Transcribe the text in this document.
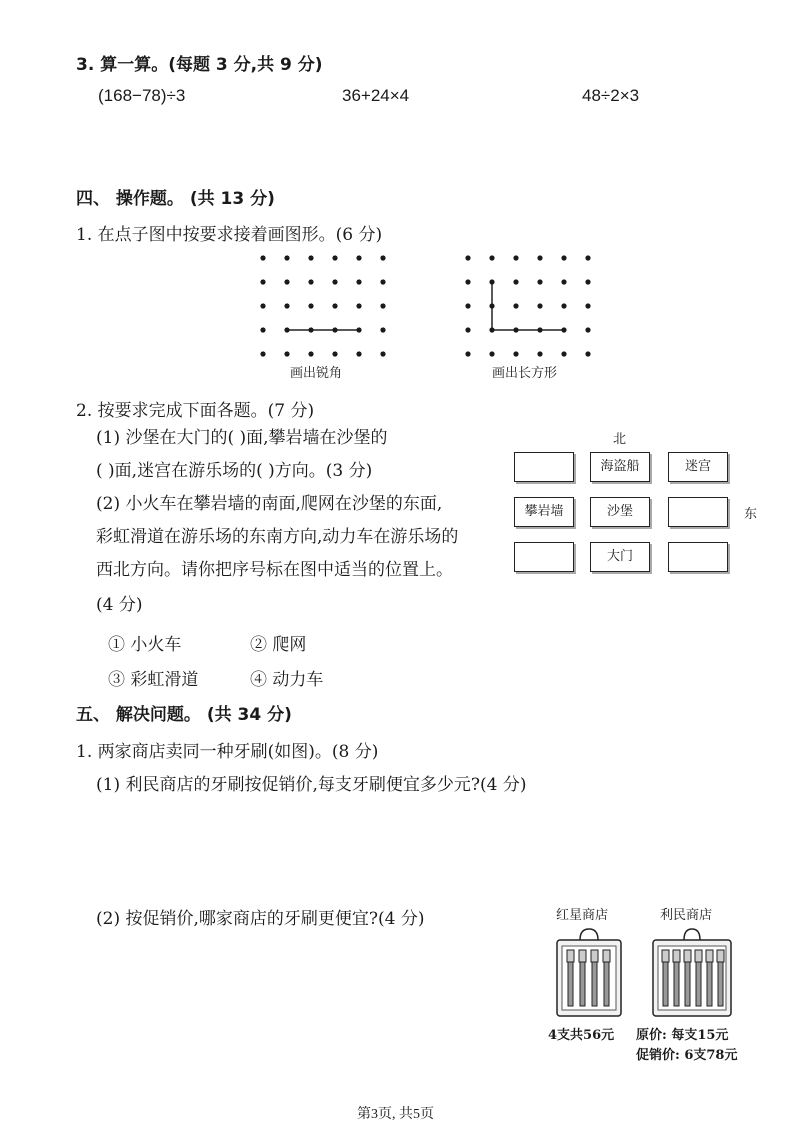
3. 算一算。(每题 3 分,共 9 分)
(168−78)÷3	36+24×4	48÷2×3
四、 操作题。 (共 13 分)
1. 在点子图中按要求接着画图形。(6 分)
画出锐角	画出长方形
2. 按要求完成下面各题。(7 分)
(1) 沙堡在大门的( )面,攀岩墙在沙堡的
( )面,迷宫在游乐场的( )方向。(3 分)
(2) 小火车在攀岩墙的南面,爬网在沙堡的东面,
彩虹滑道在游乐场的东南方向,动力车在游乐场的
西北方向。请你把序号标在图中适当的位置上。
(4 分)
① 小火车	② 爬网
③ 彩虹滑道	④ 动力车
北
东
海盗船	迷宫
攀岩墙	沙堡
大门
五、 解决问题。 (共 34 分)
1. 两家商店卖同一种牙刷(如图)。(8 分)
(1) 利民商店的牙刷按促销价,每支牙刷便宜多少元?(4 分)
(2) 按促销价,哪家商店的牙刷更便宜?(4 分)	红星商店	利民商店
4支共56元 原价: 每支15元
促销价: 6支78元
第3页, 共5页
